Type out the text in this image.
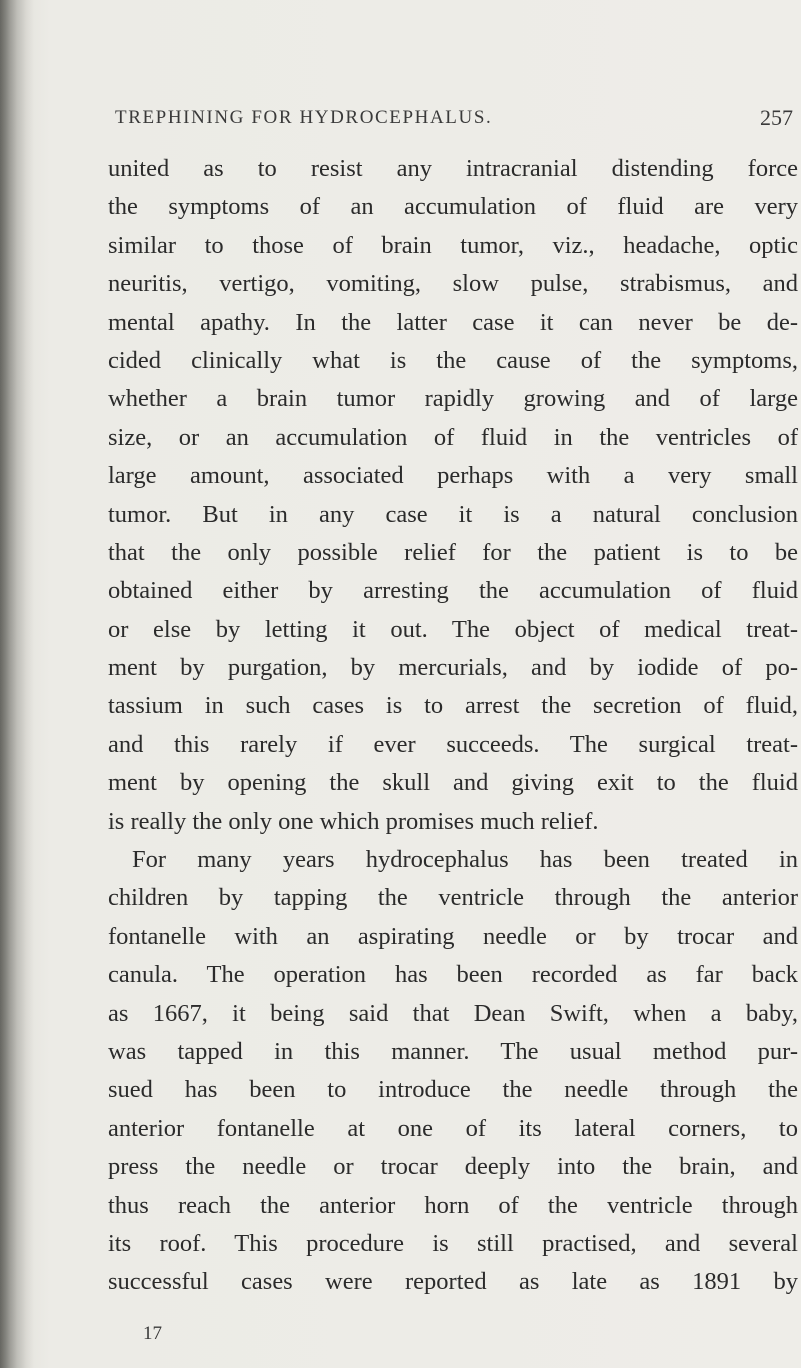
TREPHINING FOR HYDROCEPHALUS.	257
united as to resist any intracranial distending force
the symptoms of an accumulation of fluid are very
similar to those of brain tumor, viz., headache, optic
neuritis, vertigo, vomiting, slow pulse, strabismus, and
mental apathy. In the latter case it can never be de-
cided clinically what is the cause of the symptoms,
whether a brain tumor rapidly growing and of large
size, or an accumulation of fluid in the ventricles of
large amount, associated perhaps with a very small
tumor. But in any case it is a natural conclusion
that the only possible relief for the patient is to be
obtained either by arresting the accumulation of fluid
or else by letting it out. The object of medical treat-
ment by purgation, by mercurials, and by iodide of po-
tassium in such cases is to arrest the secretion of fluid,
and this rarely if ever succeeds. The surgical treat-
ment by opening the skull and giving exit to the fluid
is really the only one which promises much relief.
For many years hydrocephalus has been treated in
children by tapping the ventricle through the anterior
fontanelle with an aspirating needle or by trocar and
canula. The operation has been recorded as far back
as 1667, it being said that Dean Swift, when a baby,
was tapped in this manner. The usual method pur-
sued has been to introduce the needle through the
anterior fontanelle at one of its lateral corners, to
press the needle or trocar deeply into the brain, and
thus reach the anterior horn of the ventricle through
its roof. This procedure is still practised, and several
successful cases were reported as late as 1891 by
17
